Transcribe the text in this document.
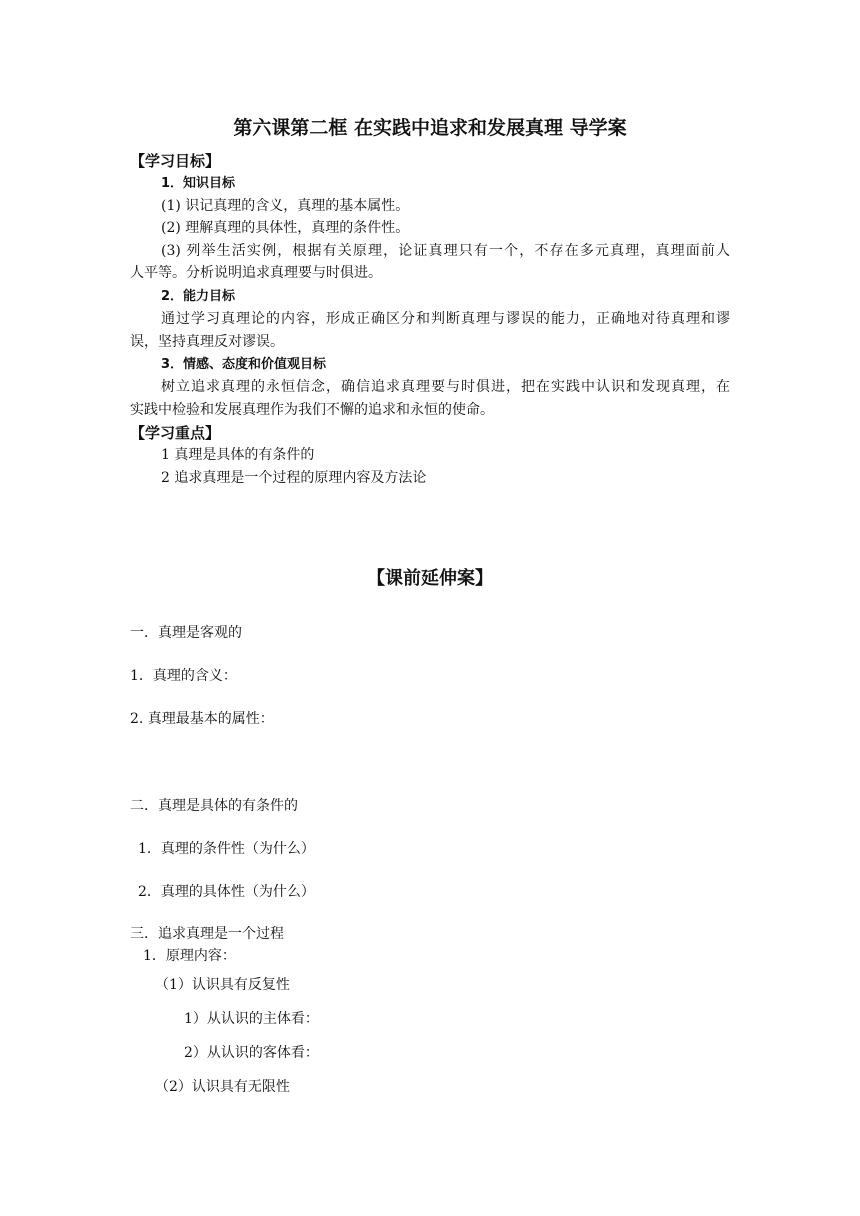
第六课第二框 在实践中追求和发展真理 导学案
【学习目标】
1．知识目标
(1) 识记真理的含义，真理的基本属性。
(2) 理解真理的具体性，真理的条件性。
(3) 列举生活实例，根据有关原理，论证真理只有一个，不存在多元真理，真理面前人
人平等。分析说明追求真理要与时俱进。
2．能力目标
通过学习真理论的内容，形成正确区分和判断真理与谬误的能力，正确地对待真理和谬
误，坚持真理反对谬误。
3．情感、态度和价值观目标
树立追求真理的永恒信念，确信追求真理要与时俱进，把在实践中认识和发现真理，在
实践中检验和发展真理作为我们不懈的追求和永恒的使命。
【学习重点】
1 真理是具体的有条件的
2 追求真理是一个过程的原理内容及方法论
【课前延伸案】
一．真理是客观的
1．真理的含义：
2. 真理最基本的属性：
二．真理是具体的有条件的
1．真理的条件性（为什么）
2．真理的具体性（为什么）
三．追求真理是一个过程
1．原理内容：
（1）认识具有反复性
1）从认识的主体看：
2）从认识的客体看：
（2）认识具有无限性
